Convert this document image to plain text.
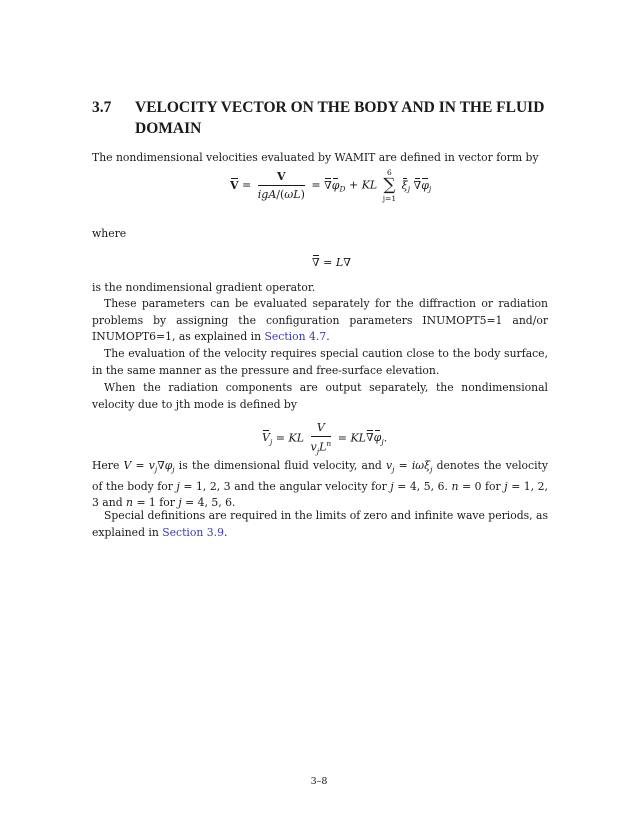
3.7 VELOCITY VECTOR ON THE BODY AND IN THE FLUID DOMAIN
The nondimensional velocities evaluated by WAMIT are defined in vector form by
$V = \frac{V}{\text{igA/(ωL)}} = \nabla\varphi_D$ + KL
6
∑
j=1
$\xi_j$ $\nabla\varphi_j$
where
∇ = L∇
is the nondimensional gradient operator.
These parameters can be evaluated separately for the diffraction or radiation problems by assigning the configuration parameters INUMOPT5=1 and/or INUMOPT6=1, as explained in Section 4.7.
The evaluation of the velocity requires special caution close to the body surface, in the same manner as the pressure and free-surface elevation.
When the radiation components are output separately, the nondimensional velocity due to jth mode is defined by
$V_j$ = KL $\frac{V}{v_jL^n} = KL\nabla\varphi_j$.
Here $V = v_j\nabla\varphi_j$ is the dimensional fluid velocity, and $v_j = i\omega\xi_j$ denotes the velocity of the body for j = 1, 2, 3 and the angular velocity for j = 4, 5, 6. n = 0 for j = 1, 2, 3 and n = 1 for j = 4, 5, 6.
Special definitions are required in the limits of zero and infinite wave periods, as explained in Section 3.9.
3–8
